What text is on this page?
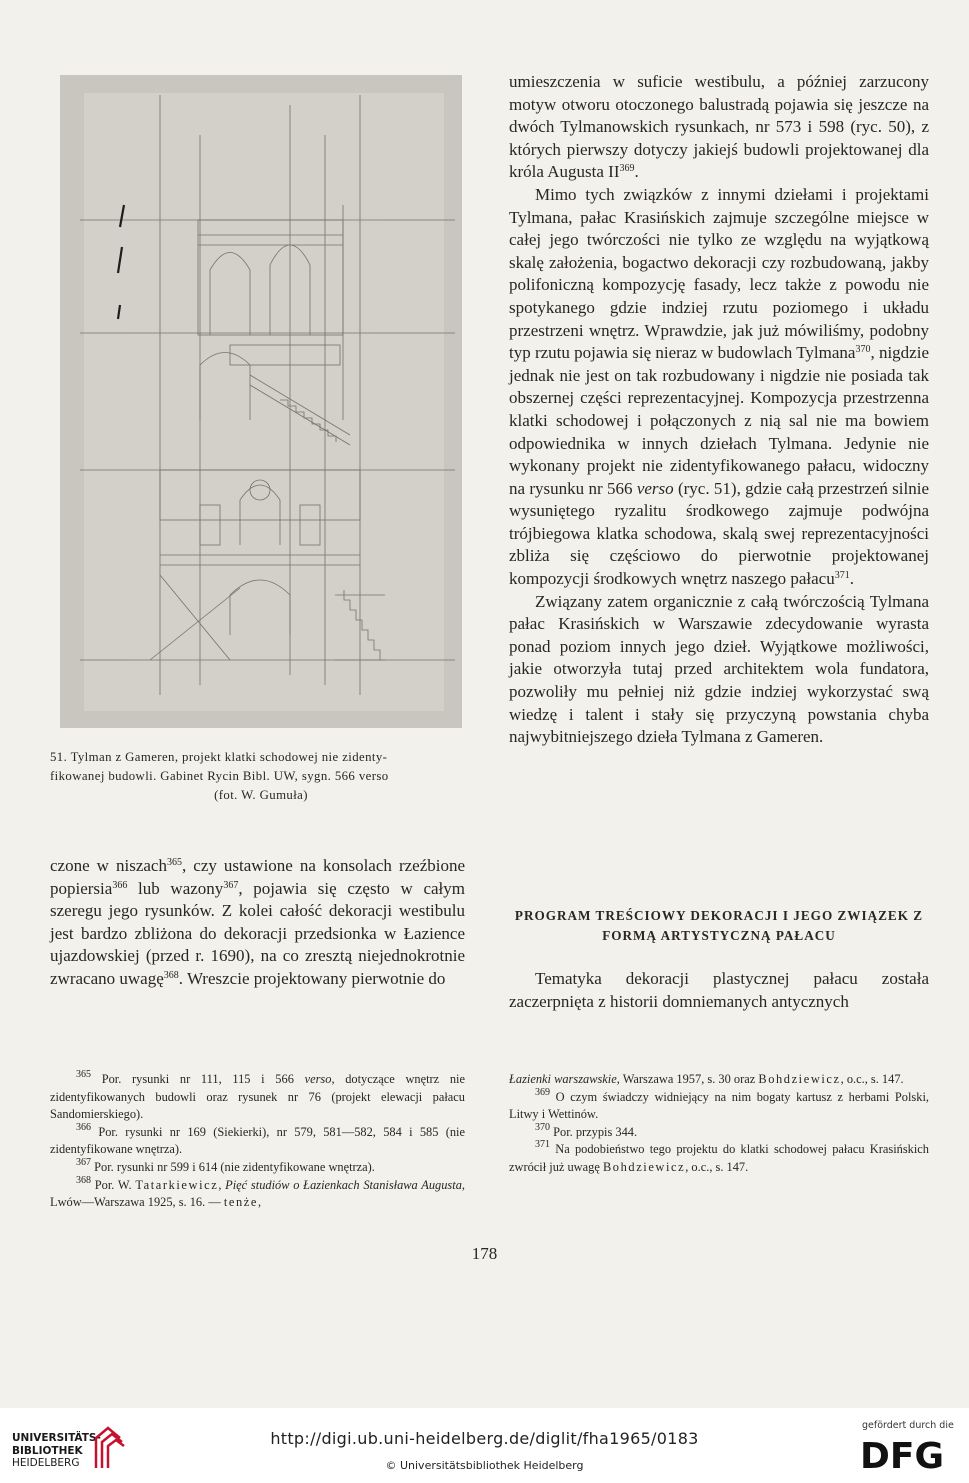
51. Tylman z Gameren, projekt klatki schodowej nie zidenty-
fikowanej budowli. Gabinet Rycin Bibl. UW, sygn. 566 verso
(fot. W. Gumuła)

umieszczenia w suficie westibulu, a później zarzucony motyw otworu otoczonego balustradą pojawia się jeszcze na dwóch Tylmanowskich rysunkach, nr 573 i 598 (ryc. 50), z których pierwszy dotyczy jakiejś budowli projektowanej dla króla Augusta II$^{369}$.

Mimo tych związków z innymi dziełami i projektami Tylmana, pałac Krasińskich zajmuje szczególne miejsce w całej jego twórczości nie tylko ze względu na wyjątkową skalę założenia, bogactwo dekoracji czy rozbudowaną, jakby polifoniczną kompozycję fasady, lecz także z powodu nie spotykanego gdzie indziej rzutu poziomego i układu przestrzeni wnętrz. Wprawdzie, jak już mówiliśmy, podobny typ rzutu pojawia się nieraz w budowlach Tylmana$^{370}$, nigdzie jednak nie jest on tak rozbudowany i nigdzie nie posiada tak obszernej części reprezentacyjnej. Kompozycja przestrzenna klatki schodowej i połączonych z nią sal nie ma bowiem odpowiednika w innych dziełach Tylmana. Jedynie nie wykonany projekt nie zidentyfikowanego pałacu, widoczny na rysunku nr 566 verso (ryc. 51), gdzie całą przestrzeń silnie wysuniętego ryzalitu środkowego zajmuje podwójna trójbiegowa klatka schodowa, skalą swej reprezentacyjności zbliża się częściowo do pierwotnie projektowanej kompozycji środkowych wnętrz naszego pałacu$^{371}$.

Związany zatem organicznie z całą twórczością Tylmana pałac Krasińskich w Warszawie zdecydowanie wyrasta ponad poziom innych jego dzieł. Wyjątkowe możliwości, jakie otworzyła tutaj przed architektem wola fundatora, pozwoliły mu pełniej niż gdzie indziej wykorzystać swą wiedzę i talent i stały się przyczyną powstania chyba najwybitniejszego dzieła Tylmana z Gameren.

czone w niszach$^{365}$, czy ustawione na konsolach rzeźbione popiersia$^{366}$ lub wazony$^{367}$, pojawia się często w całym szeregu jego rysunków. Z kolei całość dekoracji westibulu jest bardzo zbliżona do dekoracji przedsionka w Łazience ujazdowskiej (przed r. 1690), na co zresztą niejednokrotnie zwracano uwagę$^{368}$. Wreszcie projektowany pierwotnie do

PROGRAM TREŚCIOWY DEKORACJI I JEGO ZWIĄZEK Z FORMĄ ARTYSTYCZNĄ PAŁACU

Tematyka dekoracji plastycznej pałacu została zaczerpnięta z historii domniemanych antycznych

$^{365}$ Por. rysunki nr 111, 115 i 566 verso, dotyczące wnętrz nie zidentyfikowanych budowli oraz rysunek nr 76 (projekt elewacji pałacu Sandomierskiego).

$^{366}$ Por. rysunki nr 169 (Siekierki), nr 579, 581—582, 584 i 585 (nie zidentyfikowane wnętrza).

$^{367}$ Por. rysunki nr 599 i 614 (nie zidentyfikowane wnętrza).

$^{368}$ Por. W. Tatarkiewicz, Pięć studiów o Łazienkach Stanisława Augusta, Lwów—Warszawa 1925, s. 16. — tenże,

Łazienki warszawskie, Warszawa 1957, s. 30 oraz Bohdziewicz, o.c., s. 147.

$^{369}$ O czym świadczy widniejący na nim bogaty kartusz z herbami Polski, Litwy i Wettinów.

$^{370}$ Por. przypis 344.

$^{371}$ Na podobieństwo tego projektu do klatki schodowej pałacu Krasińskich zwrócił już uwagę Bohdziewicz, o.c., s. 147.

178
UNIVERSITÄTS-
BIBLIOTHEK
HEIDELBERG
http://digi.ub.uni-heidelberg.de/diglit/fha1965/0183
© Universitätsbibliothek Heidelberg
gefördert durch die
DFG
